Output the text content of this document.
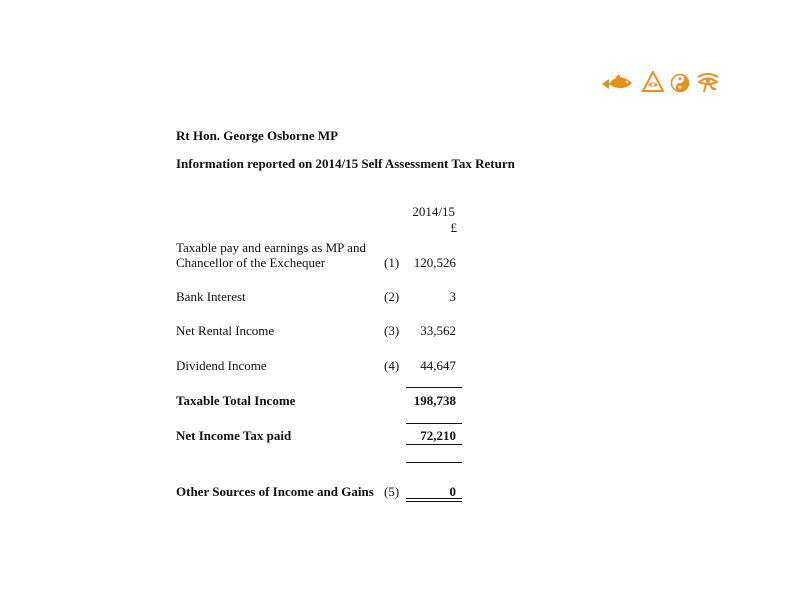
Rt Hon. George Osborne MP
Information reported on 2014/15 Self Assessment Tax Return
2014/15
£
Taxable pay and earnings as MP and
Chancellor of the Exchequer	(1)	120,526
Bank Interest	(2)	3
Net Rental Income	(3)	33,562
Dividend Income	(4)	44,647
Taxable Total Income	198,738
Net Income Tax paid	72,210
Other Sources of Income and Gains (5)	0
